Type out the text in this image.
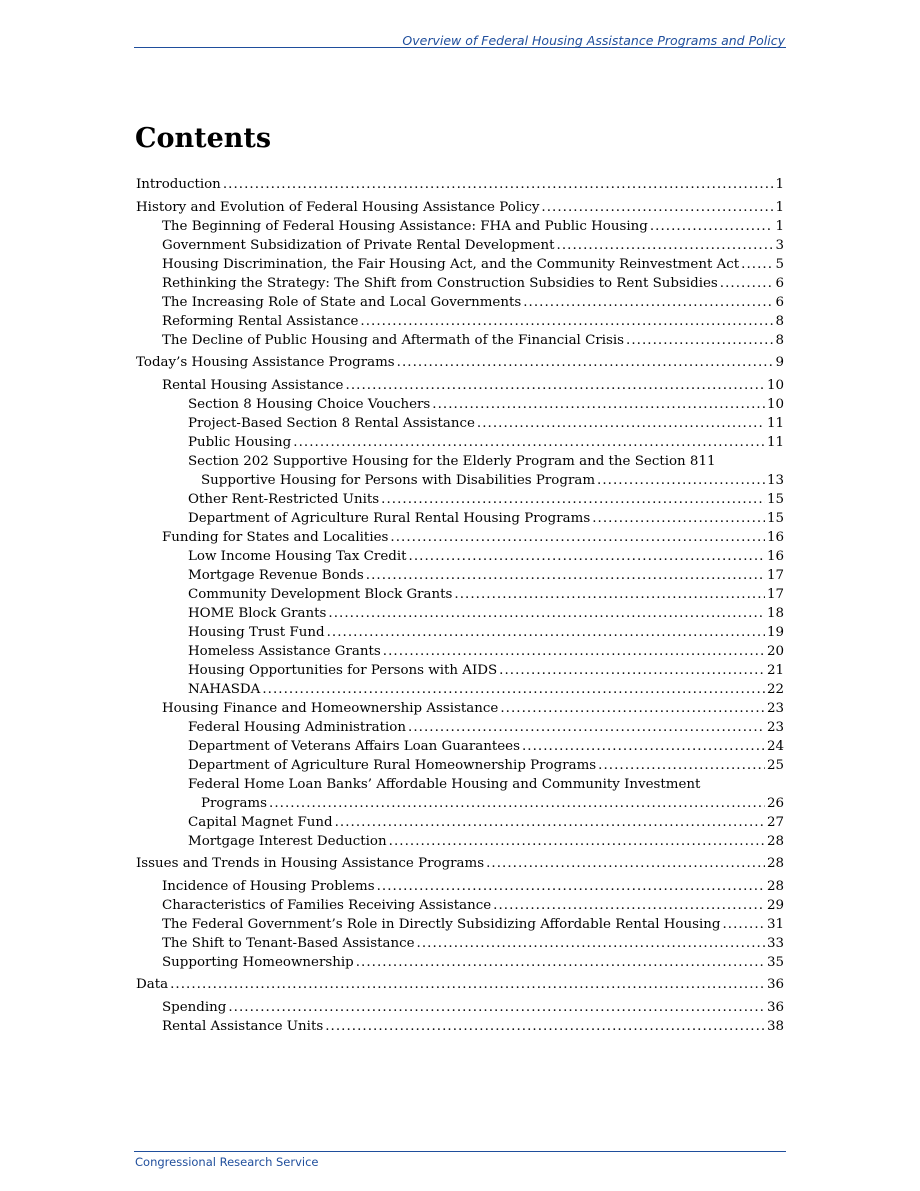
Overview of Federal Housing Assistance Programs and Policy
Contents
Introduction . . .	1
History and Evolution of Federal Housing Assistance Policy . . .	1
The Beginning of Federal Housing Assistance: FHA and Public Housing . . .	1
Government Subsidization of Private Rental Development . . .	3
Housing Discrimination, the Fair Housing Act, and the Community Reinvestment Act . . .	5
Rethinking the Strategy: The Shift from Construction Subsidies to Rent Subsidies . . .	6
The Increasing Role of State and Local Governments . . .	6
Reforming Rental Assistance . . .	8
The Decline of Public Housing and Aftermath of the Financial Crisis . . .	8
Today’s Housing Assistance Programs . . .	9
Rental Housing Assistance . . .	10
Section 8 Housing Choice Vouchers . . .	10
Project-Based Section 8 Rental Assistance . . .	11
Public Housing . . .	11
Section 202 Supportive Housing for the Elderly Program and the Section 811
Supportive Housing for Persons with Disabilities Program . . .	13
Other Rent-Restricted Units . . .	15
Department of Agriculture Rural Rental Housing Programs . . .	15
Funding for States and Localities . . .	16
Low Income Housing Tax Credit . . .	16
Mortgage Revenue Bonds . . .	17
Community Development Block Grants . . .	17
HOME Block Grants . . .	18
Housing Trust Fund . . .	19
Homeless Assistance Grants . . .	20
Housing Opportunities for Persons with AIDS . . .	21
NAHASDA . . .	22
Housing Finance and Homeownership Assistance . . .	23
Federal Housing Administration . . .	23
Department of Veterans Affairs Loan Guarantees . . .	24
Department of Agriculture Rural Homeownership Programs . . .	25
Federal Home Loan Banks’ Affordable Housing and Community Investment
Programs . . .	26
Capital Magnet Fund . . .	27
Mortgage Interest Deduction . . .	28
Issues and Trends in Housing Assistance Programs . . .	28
Incidence of Housing Problems . . .	28
Characteristics of Families Receiving Assistance . . .	29
The Federal Government’s Role in Directly Subsidizing Affordable Rental Housing . . .	31
The Shift to Tenant-Based Assistance . . .	33
Supporting Homeownership . . .	35
Data . . .	36
Spending . . .	36
Rental Assistance Units . . .	38
Congressional Research Service
